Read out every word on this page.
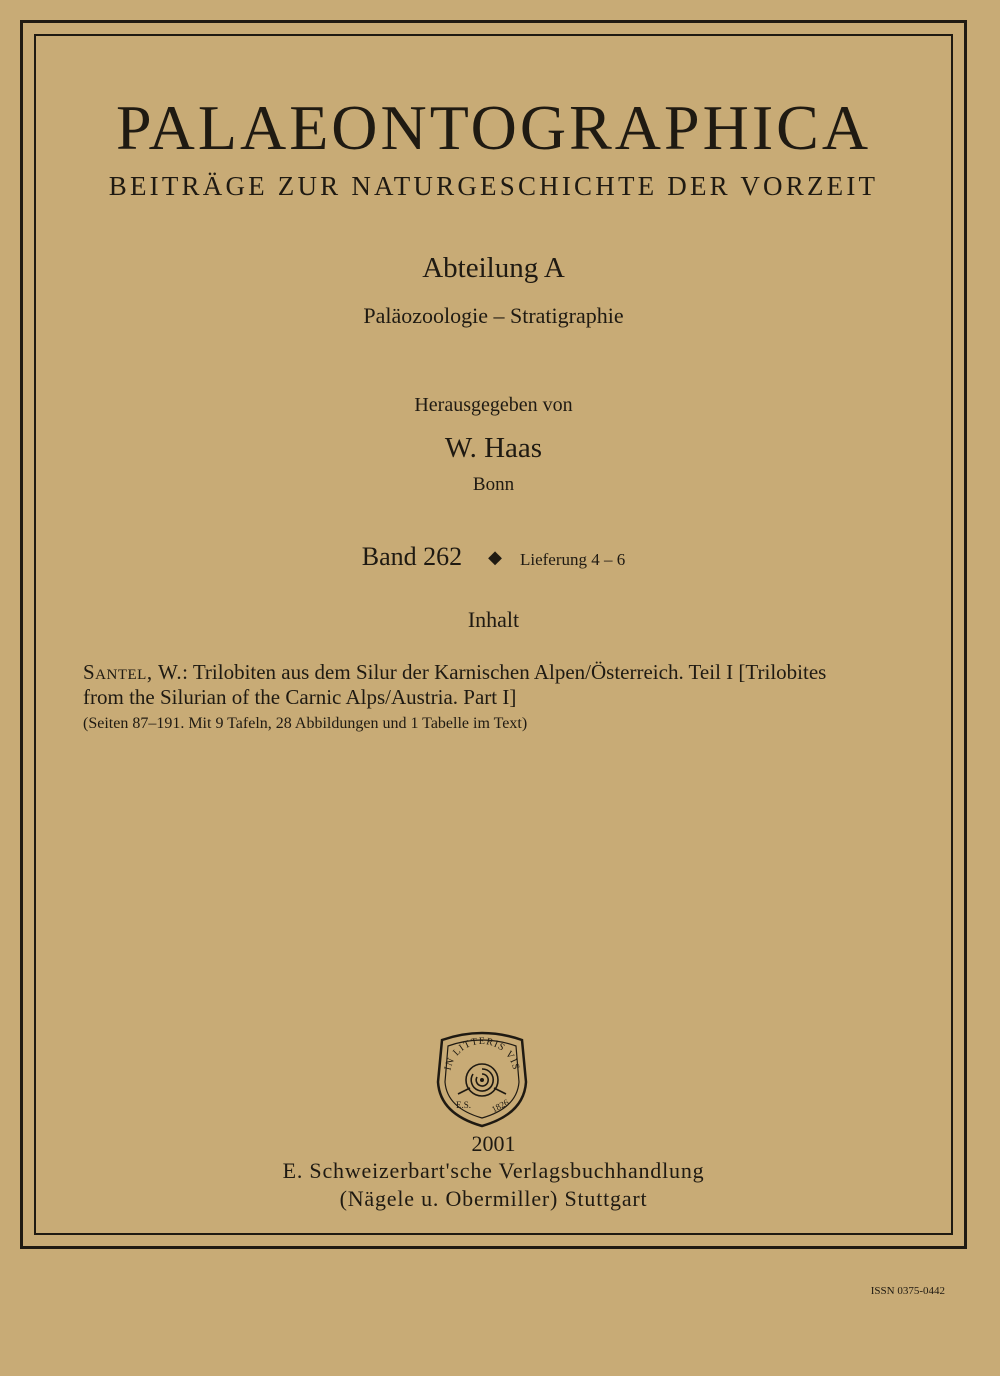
PALAEONTOGRAPHICA
BEITRÄGE ZUR NATURGESCHICHTE DER VORZEIT
Abteilung A
Paläozoologie – Stratigraphie
Herausgegeben von
W. Haas
Bonn
Band 262 ◆ Lieferung 4 – 6
Inhalt
Santel, W.: Trilobiten aus dem Silur der Karnischen Alpen/Österreich. Teil I [Trilobites
from the Silurian of the Carnic Alps/Austria. Part I]
(Seiten 87–191. Mit 9 Tafeln, 28 Abbildungen und 1 Tabelle im Text)
IN LITTERIS VIS
E.S. 1826
2001
E. Schweizerbart'sche Verlagsbuchhandlung
(Nägele u. Obermiller) Stuttgart
ISSN 0375-0442
